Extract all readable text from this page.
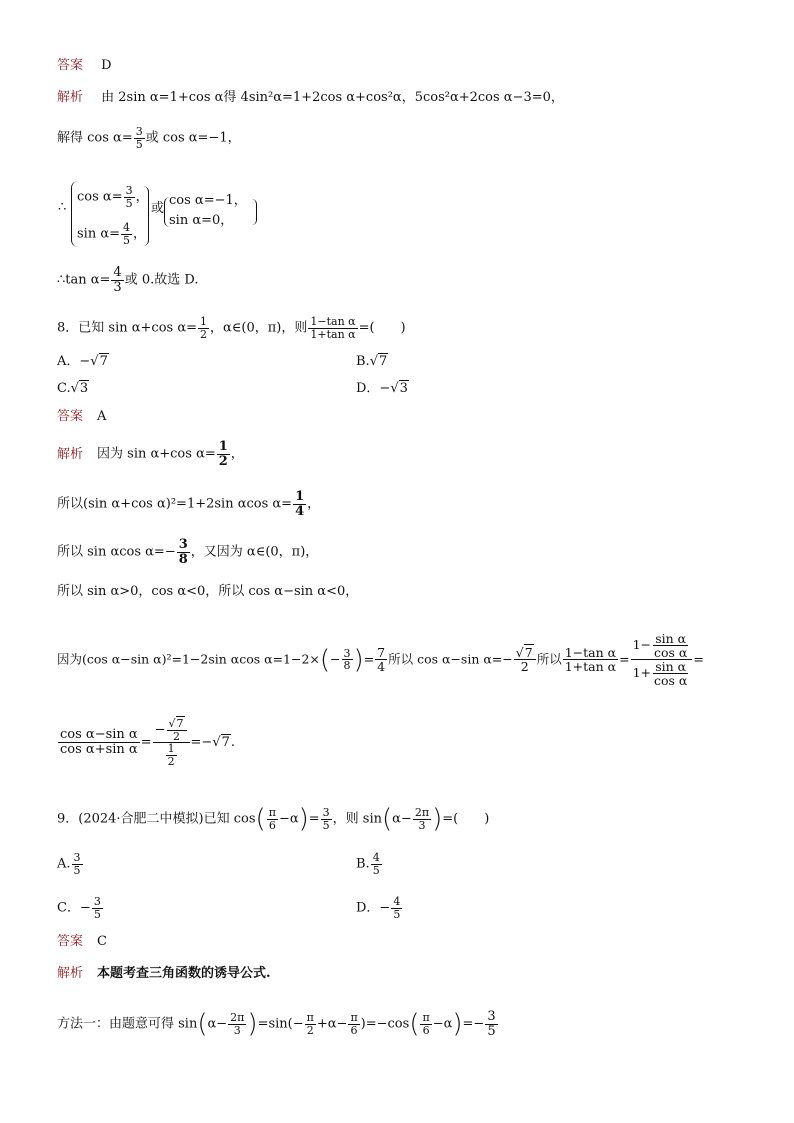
答案 D
解析 由 2sin α=1+cos α得 4sin²α=1+2cos α+cos²α，5cos²α+2cos α−3=0，
解得 $\cos \alpha= \frac{3}{5}$ 或 cos α=−1，
∴
$\cos \alpha= \frac{3}{5}$ ，
$\sin \alpha= \frac{4}{5}$ ，
或
cos α=−1，
sin α=0，
∴tan $\alpha= \frac{4}{3}$ 或 0.故选 D.
8．已知 sin α+cos $\alpha= \frac{1}{2}$ ，α∈(0，π)，则 $\frac{\text{1−tan α}}{\text{1+tan α}}$ =(　　)
A．−√7	B.√7
C.√3	D．−√3
答案 A
解析 因为 sin α+cos $\alpha= \frac{1}{2}$ ，
所以(sin α+cos α)²=1+2sin αcos $\alpha= \frac{1}{4}$ ，
所以 sin αcos $\alpha=- \frac{3}{8}$ ，又因为 α∈(0，π)，
所以 sin α>0，cos α<0，所以 cos α−sin α<0，
因为(cos α−sin α)²=1−2sin αcos $\alpha=1-2\times(- \frac{3}{8}$ )= $\frac{7}{4}$ 所以 cos α−sin $\alpha=- \frac{√7}{2}$ 所以 $\frac{\text{1−tan α}}{\text{1+tan α}} = \frac{1- \frac{\text{sin α}}{\text{cos α}}}{1+ \frac{\text{sin α}}{\text{cos α}}}$ =
$\frac{\text{cos α−sin α}}{\text{cos α+sin α}} = \frac{- \frac{√7}{2}}{\frac{1}{2}} =-√7$.
9．(2024·合肥二中模拟)已知 $\cos( \frac{\pi}{6} -\alpha)= \frac{3}{5}$ ，则 $\sin(\alpha- \frac{2\pi}{3}$ )=(　　)
A. $\frac{3}{5}$	B. $\frac{4}{5}$
C．− $\frac{3}{5}$	D．− $\frac{4}{5}$
答案 C
解析 本题考查三角函数的诱导公式.
方法一：由题意可得 $\sin(\alpha- \frac{2\pi}{3} )=\sin(- \frac{\pi}{2} +\alpha- \frac{\pi}{6} )=-\cos( \frac{\pi}{6} -\alpha)=- \frac{3}{5}$
